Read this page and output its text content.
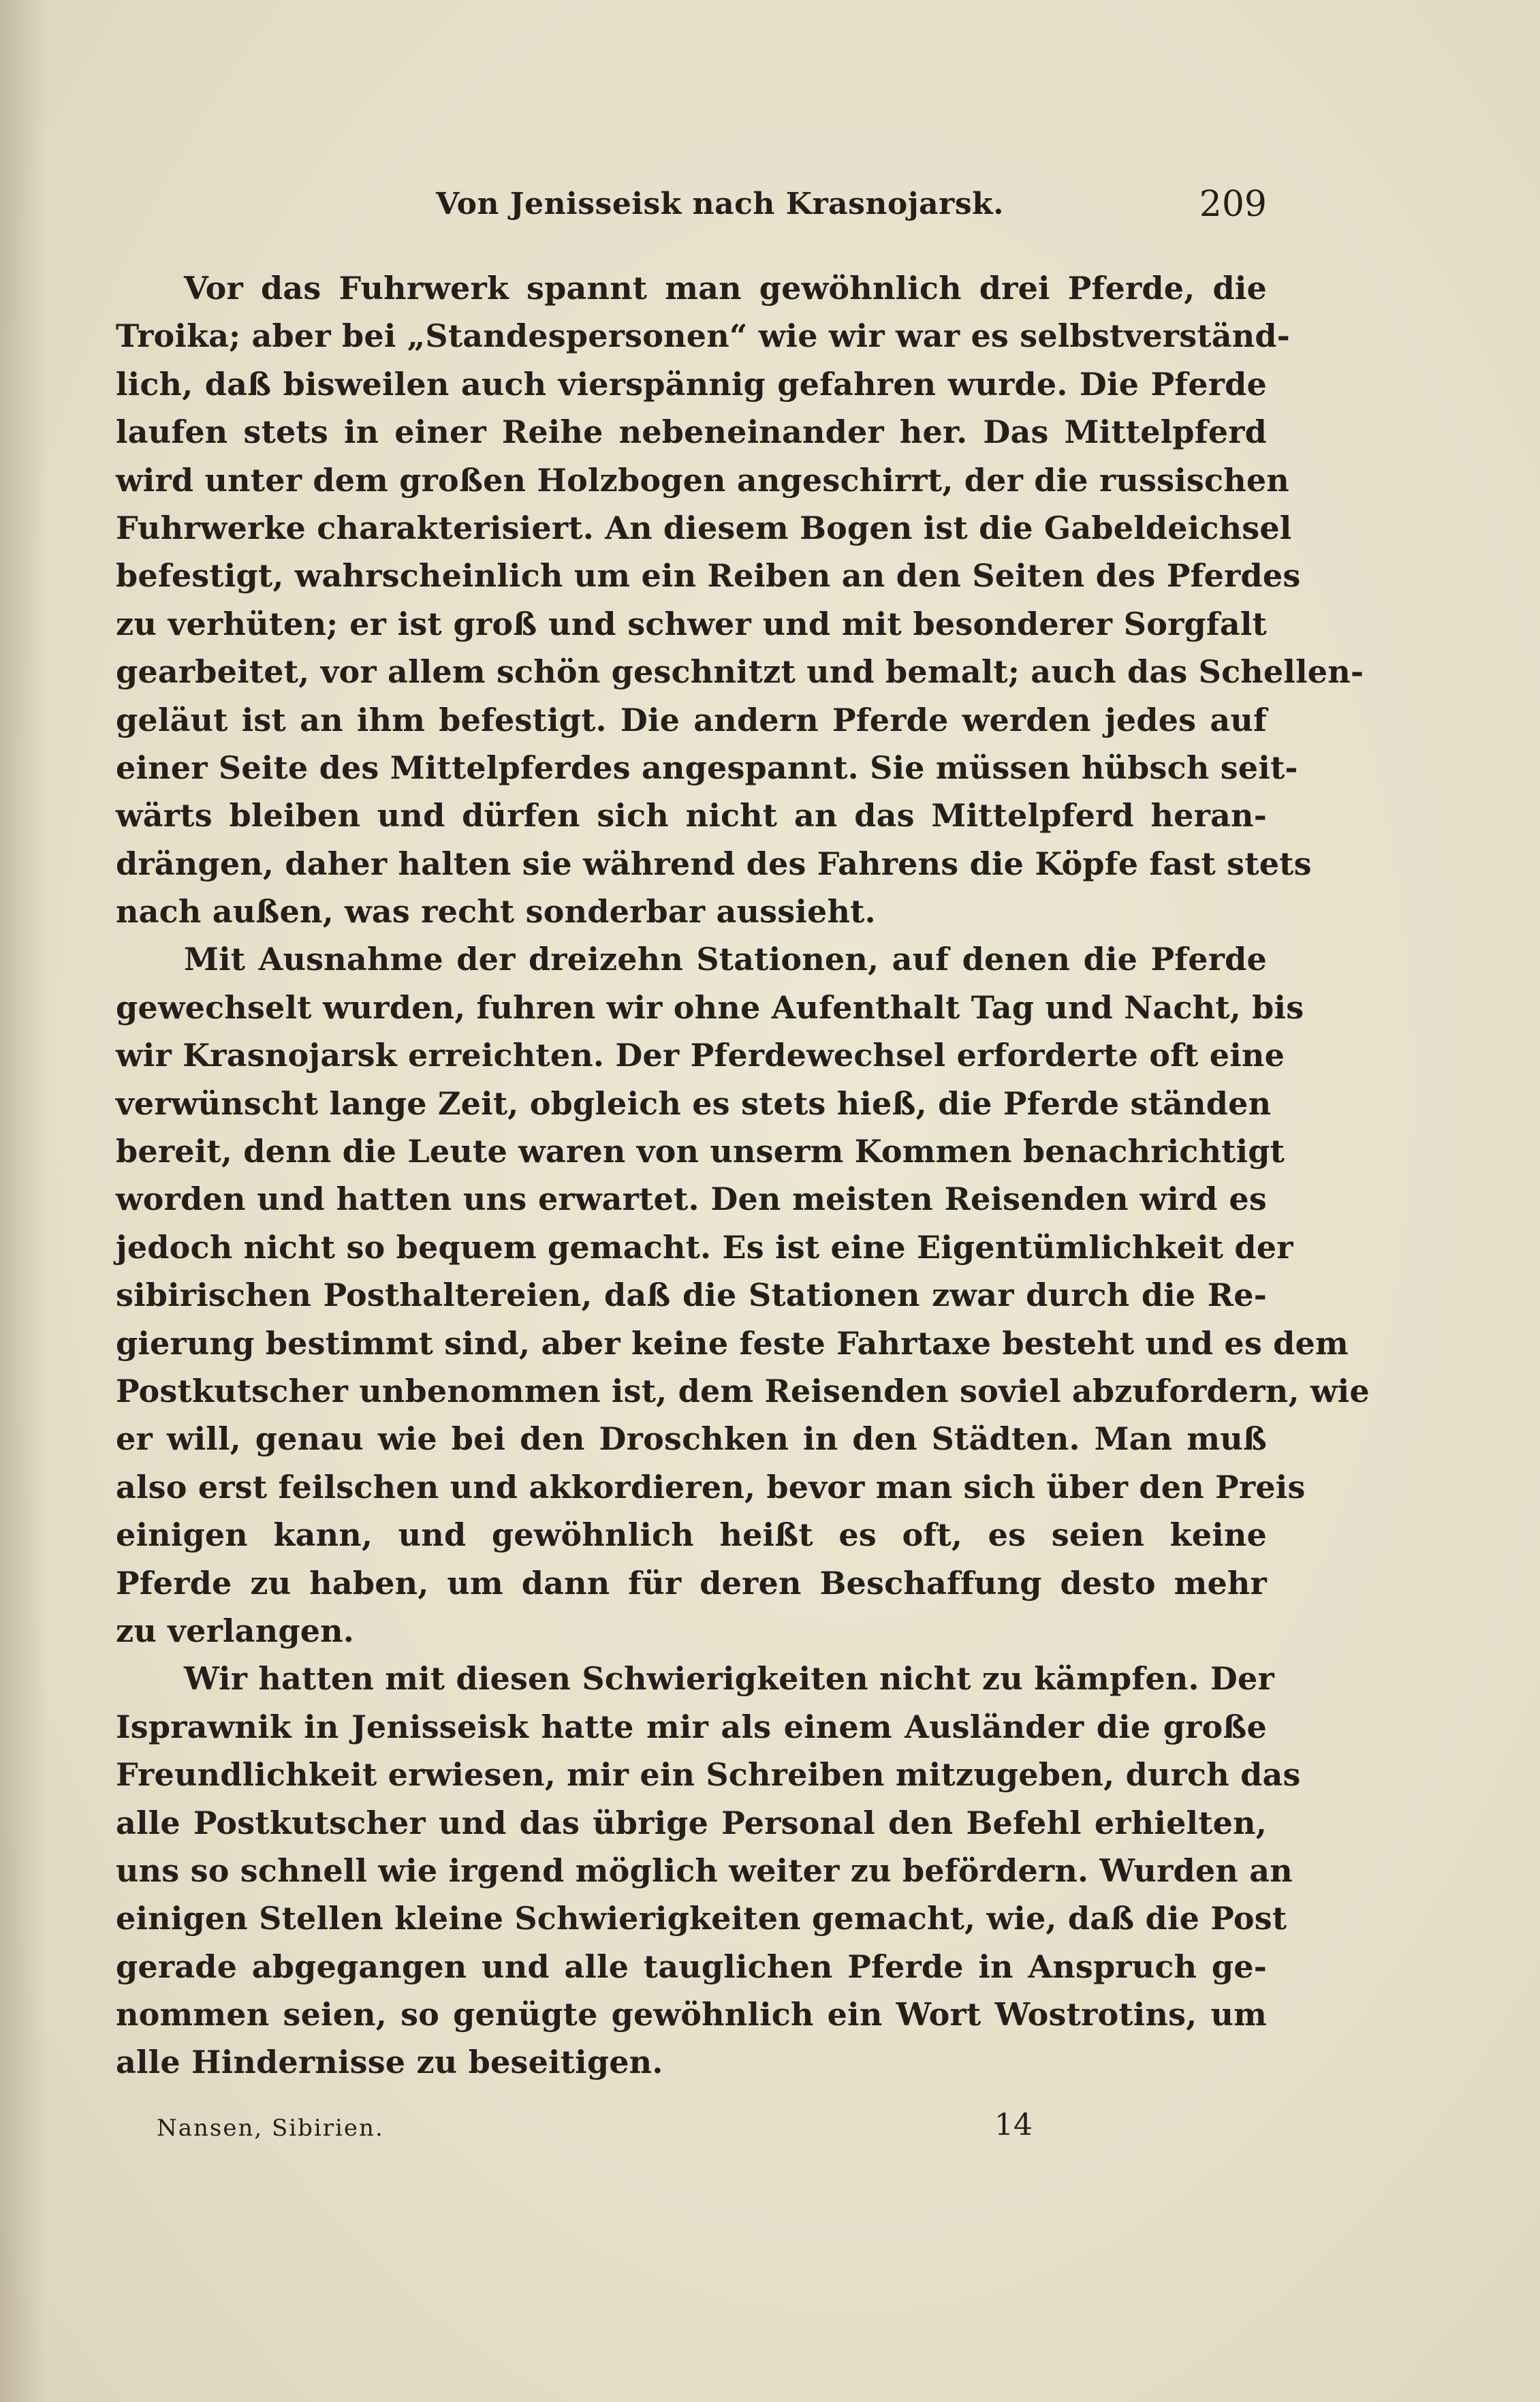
Von Jenisseisk nach Krasnojarsk.	209
Vor das Fuhrwerk spannt man gewöhnlich drei Pferde, die
Troika; aber bei „Standespersonen“ wie wir war es selbstverständ-
lich, daß bisweilen auch vierspännig gefahren wurde. Die Pferde
laufen stets in einer Reihe nebeneinander her. Das Mittelpferd
wird unter dem großen Holzbogen angeschirrt, der die russischen
Fuhrwerke charakterisiert. An diesem Bogen ist die Gabeldeichsel
befestigt, wahrscheinlich um ein Reiben an den Seiten des Pferdes
zu verhüten; er ist groß und schwer und mit besonderer Sorgfalt
gearbeitet, vor allem schön geschnitzt und bemalt; auch das Schellen-
geläut ist an ihm befestigt. Die andern Pferde werden jedes auf
einer Seite des Mittelpferdes angespannt. Sie müssen hübsch seit-
wärts bleiben und dürfen sich nicht an das Mittelpferd heran-
drängen, daher halten sie während des Fahrens die Köpfe fast stets
nach außen, was recht sonderbar aussieht.
Mit Ausnahme der dreizehn Stationen, auf denen die Pferde
gewechselt wurden, fuhren wir ohne Aufenthalt Tag und Nacht, bis
wir Krasnojarsk erreichten. Der Pferdewechsel erforderte oft eine
verwünscht lange Zeit, obgleich es stets hieß, die Pferde ständen
bereit, denn die Leute waren von unserm Kommen benachrichtigt
worden und hatten uns erwartet. Den meisten Reisenden wird es
jedoch nicht so bequem gemacht. Es ist eine Eigentümlichkeit der
sibirischen Posthaltereien, daß die Stationen zwar durch die Re-
gierung bestimmt sind, aber keine feste Fahrtaxe besteht und es dem
Postkutscher unbenommen ist, dem Reisenden soviel abzufordern, wie
er will, genau wie bei den Droschken in den Städten. Man muß
also erst feilschen und akkordieren, bevor man sich über den Preis
einigen kann, und gewöhnlich heißt es oft, es seien keine
Pferde zu haben, um dann für deren Beschaffung desto mehr
zu verlangen.
Wir hatten mit diesen Schwierigkeiten nicht zu kämpfen. Der
Isprawnik in Jenisseisk hatte mir als einem Ausländer die große
Freundlichkeit erwiesen, mir ein Schreiben mitzugeben, durch das
alle Postkutscher und das übrige Personal den Befehl erhielten,
uns so schnell wie irgend möglich weiter zu befördern. Wurden an
einigen Stellen kleine Schwierigkeiten gemacht, wie, daß die Post
gerade abgegangen und alle tauglichen Pferde in Anspruch ge-
nommen seien, so genügte gewöhnlich ein Wort Wostrotins, um
alle Hindernisse zu beseitigen.
Nansen, Sibirien.	14
